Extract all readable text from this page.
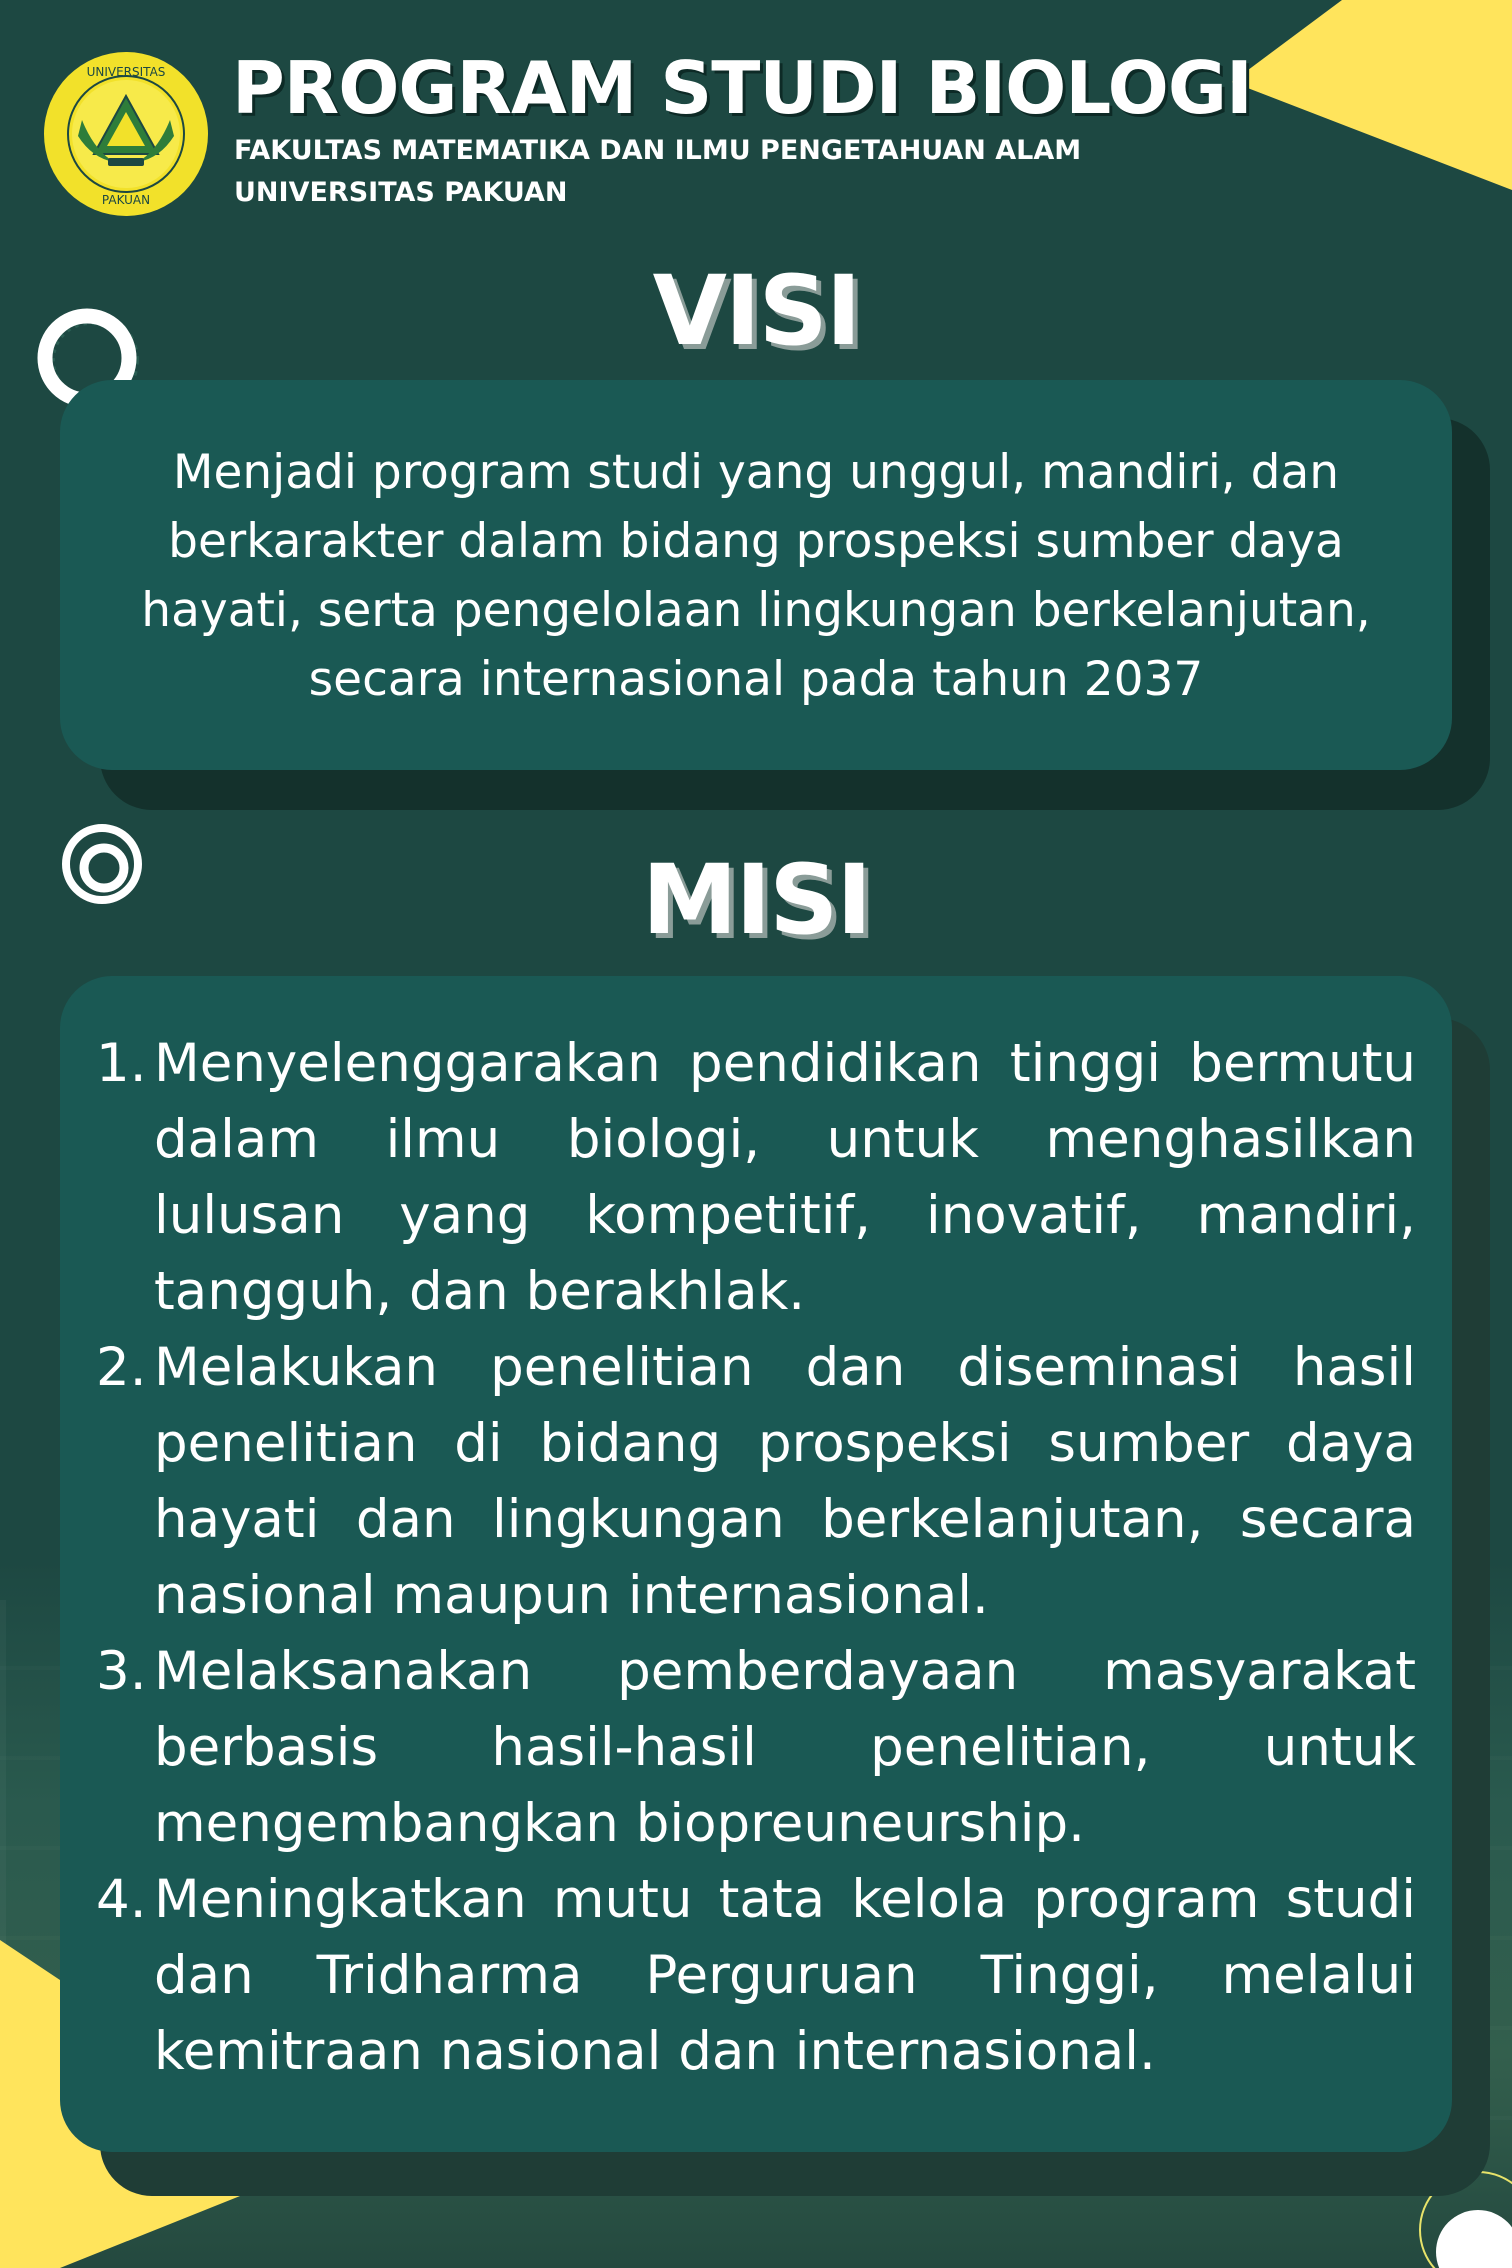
UNIVERSITAS
PAKUAN
PROGRAM STUDI BIOLOGI
FAKULTAS MATEMATIKA DAN ILMU PENGETAHUAN ALAM
UNIVERSITAS PAKUAN
VISI

Menjadi program studi yang unggul, mandiri, dan berkarakter dalam bidang prospeksi sumber daya hayati, serta pengelolaan lingkungan berkelanjutan, secara internasional pada tahun 2037

MISI
1. Menyelenggarakan pendidikan tinggi bermutu dalam ilmu biologi, untuk menghasilkan lulusan yang kompetitif, inovatif, mandiri, tangguh, dan berakhlak.
2. Melakukan penelitian dan diseminasi hasil penelitian di bidang prospeksi sumber daya hayati dan lingkungan berkelanjutan, secara nasional maupun internasional.
3. Melaksanakan pemberdayaan masyarakat berbasis hasil-hasil penelitian, untuk mengembangkan biopreuneurship.
4. Meningkatkan mutu tata kelola program studi dan Tridharma Perguruan Tinggi, melalui kemitraan nasional dan internasional.
